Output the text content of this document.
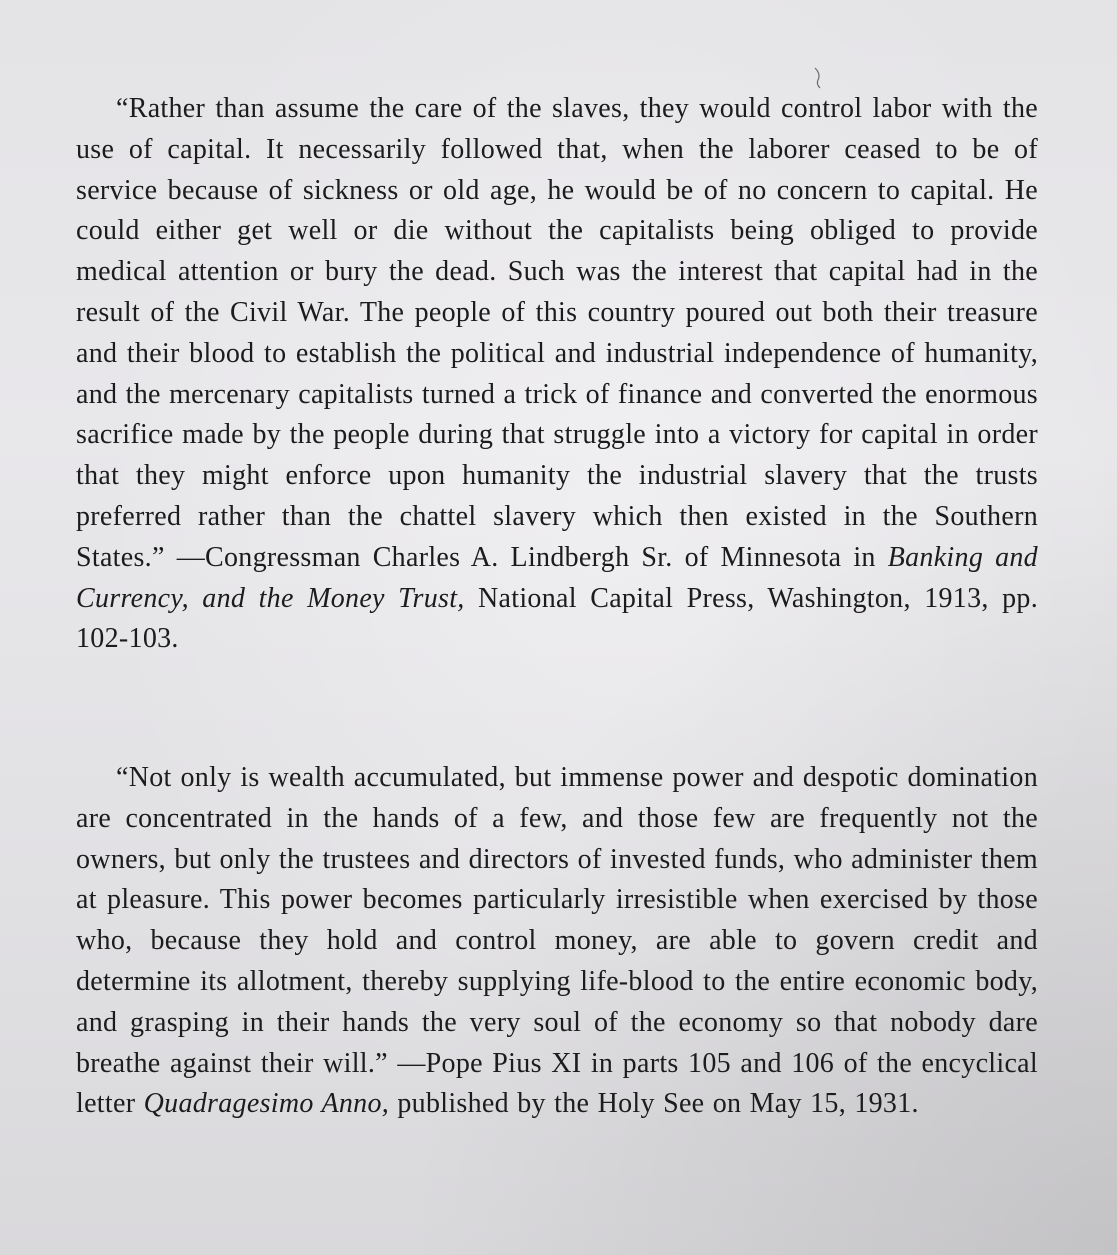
“Rather than assume the care of the slaves, they would control labor with the use of capital. It necessarily followed that, when the laborer ceased to be of service because of sickness or old age, he would be of no concern to capital. He could either get well or die without the capitalists being obliged to provide medical attention or bury the dead. Such was the interest that capital had in the result of the Civil War. The people of this country poured out both their treasure and their blood to establish the political and industrial independence of humanity, and the mercenary capitalists turned a trick of finance and converted the enormous sacrifice made by the people during that struggle into a victory for capital in order that they might enforce upon humanity the industrial slavery that the trusts preferred rather than the chattel slavery which then existed in the Southern States.” —Congressman Charles A. Lindbergh Sr. of Minnesota in Banking and Currency, and the Money Trust, National Capital Press, Washington, 1913, pp. 102-103.

“Not only is wealth accumulated, but immense power and despotic domination are concentrated in the hands of a few, and those few are frequently not the owners, but only the trustees and directors of invested funds, who administer them at pleasure. This power becomes particularly irresistible when exercised by those who, because they hold and control money, are able to govern credit and determine its allotment, thereby supplying life-blood to the entire economic body, and grasping in their hands the very soul of the economy so that nobody dare breathe against their will.” —Pope Pius XI in parts 105 and 106 of the encyclical letter Quadragesimo Anno, published by the Holy See on May 15, 1931.
